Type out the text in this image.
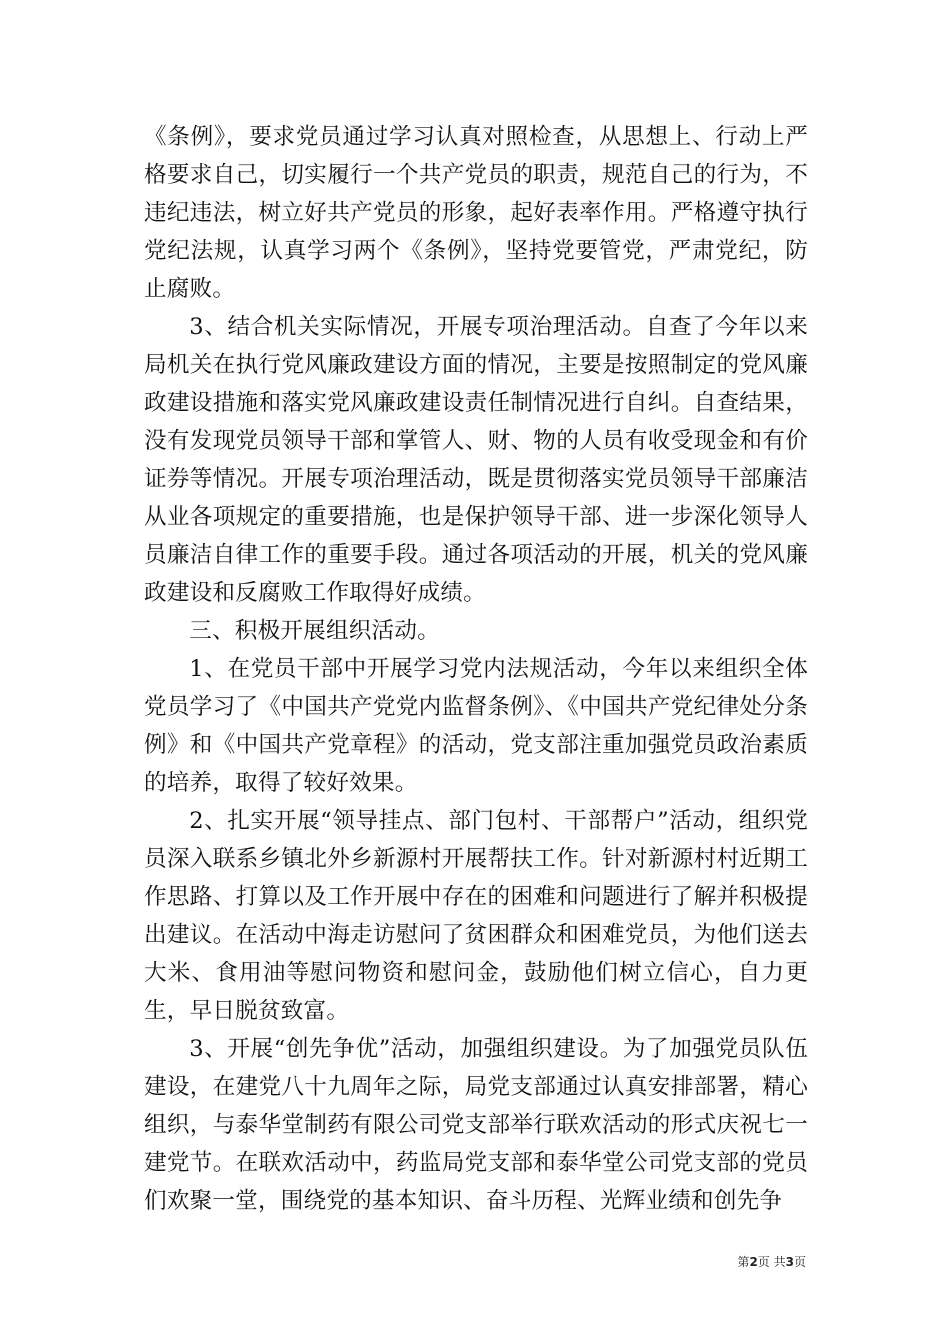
《条例》，要求党员通过学习认真对照检查，从思想上、行动上严格要求自己，切实履行一个共产党员的职责，规范自己的行为，不违纪违法，树立好共产党员的形象，起好表率作用。严格遵守执行党纪法规，认真学习两个《条例》，坚持党要管党，严肃党纪，防止腐败。

3、结合机关实际情况，开展专项治理活动。自查了今年以来局机关在执行党风廉政建设方面的情况，主要是按照制定的党风廉政建设措施和落实党风廉政建设责任制情况进行自纠。自查结果，没有发现党员领导干部和掌管人、财、物的人员有收受现金和有价证券等情况。开展专项治理活动，既是贯彻落实党员领导干部廉洁从业各项规定的重要措施，也是保护领导干部、进一步深化领导人员廉洁自律工作的重要手段。通过各项活动的开展，机关的党风廉政建设和反腐败工作取得好成绩。

三、积极开展组织活动。

1、在党员干部中开展学习党内法规活动，今年以来组织全体党员学习了《中国共产党党内监督条例》、《中国共产党纪律处分条例》和《中国共产党章程》的活动，党支部注重加强党员政治素质的培养，取得了较好效果。

2、扎实开展“领导挂点、部门包村、干部帮户”活动，组织党员深入联系乡镇北外乡新源村开展帮扶工作。针对新源村村近期工作思路、打算以及工作开展中存在的困难和问题进行了解并积极提出建议。在活动中海走访慰问了贫困群众和困难党员，为他们送去大米、食用油等慰问物资和慰问金，鼓励他们树立信心，自力更生，早日脱贫致富。

3、开展“创先争优”活动，加强组织建设。为了加强党员队伍建设，在建党八十九周年之际，局党支部通过认真安排部署，精心组织，与泰华堂制药有限公司党支部举行联欢活动的形式庆祝七一建党节。在联欢活动中，药监局党支部和泰华堂公司党支部的党员们欢聚一堂，围绕党的基本知识、奋斗历程、光辉业绩和创先争

第2页 共3页
